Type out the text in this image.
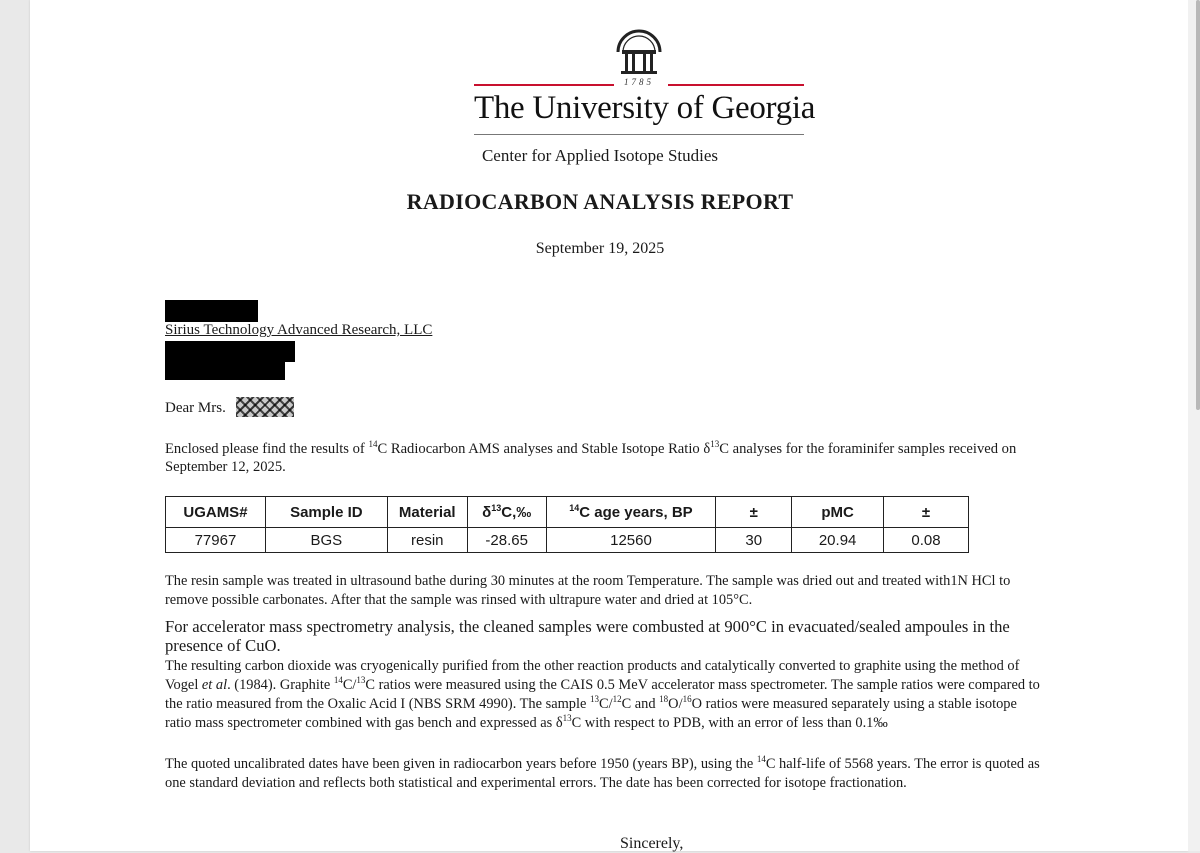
1785
The University of Georgia
Center for Applied Isotope Studies
RADIOCARBON ANALYSIS REPORT
September 19, 2025
Sirius Technology Advanced Research, LLC
Dear Mrs.
Enclosed please find the results of $^{14}$C Radiocarbon AMS analyses and Stable Isotope Ratio $\delta^{13}C$ analyses for the foraminifer samples received on September 12, 2025.
UGAMS#	Sample ID	Material	$\delta^{13}C,‰$	$^{14}$C age years, BP	±	pMC	±
77967	BGS	resin	-28.65	12560	30	20.94	0.08
The resin sample was treated in ultrasound bathe during 30 minutes at the room Temperature. The sample was dried out and treated with1N HCl to remove possible carbonates. After that the sample was rinsed with ultrapure water and dried at 105°C.
For accelerator mass spectrometry analysis, the cleaned samples were combusted at 900°C in evacuated/sealed ampoules in the presence of CuO.
The resulting carbon dioxide was cryogenically purified from the other reaction products and catalytically converted to graphite using the method of Vogel et al. (1984). Graphite $^{14}$C/$^{13}$C ratios were measured using the CAIS 0.5 MeV accelerator mass spectrometer. The sample ratios were compared to the ratio measured from the Oxalic Acid I (NBS SRM 4990). The sample $^{13}$C/$^{12}$C and $^{18}$O/$^{16}$O ratios were measured separately using a stable isotope ratio mass spectrometer combined with gas bench and expressed as $\delta^{13}C$ with respect to PDB, with an error of less than 0.1‰
The quoted uncalibrated dates have been given in radiocarbon years before 1950 (years BP), using the $^{14}$C half-life of 5568 years. The error is quoted as one standard deviation and reflects both statistical and experimental errors. The date has been corrected for isotope fractionation.
Sincerely,
